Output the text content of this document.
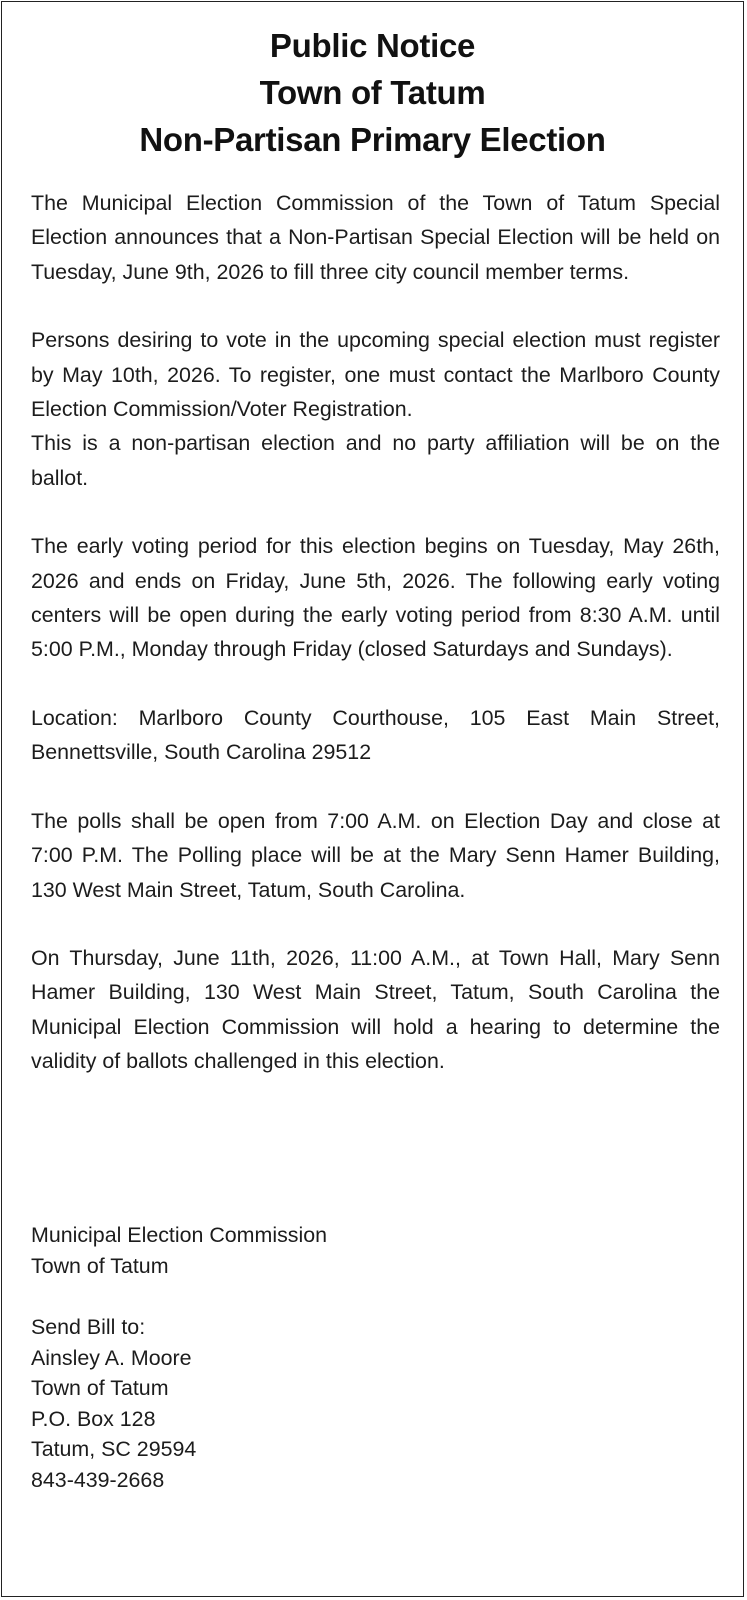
Public Notice
Town of Tatum
Non-Partisan Primary Election

The Municipal Election Commission of the Town of Tatum Special Election announces that a Non-Partisan Special Election will be held on Tuesday, June 9th, 2026 to fill three city council member terms.

Persons desiring to vote in the upcoming special election must register by May 10th, 2026. To register, one must contact the Marlboro County Election Commission/Voter Registration.

This is a non-partisan election and no party affiliation will be on the ballot.

The early voting period for this election begins on Tuesday, May 26th, 2026 and ends on Friday, June 5th, 2026. The following early voting centers will be open during the early voting period from 8:30 A.M. until 5:00 P.M., Monday through Friday (closed Saturdays and Sundays).

Location: Marlboro County Courthouse, 105 East Main Street, Bennettsville, South Carolina 29512

The polls shall be open from 7:00 A.M. on Election Day and close at 7:00 P.M. The Polling place will be at the Mary Senn Hamer Building, 130 West Main Street, Tatum, South Carolina.

On Thursday, June 11th, 2026, 11:00 A.M., at Town Hall, Mary Senn Hamer Building, 130 West Main Street, Tatum, South Carolina the Municipal Election Commission will hold a hearing to determine the validity of ballots challenged in this election.

Municipal Election Commission
Town of Tatum
Send Bill to:
Ainsley A. Moore
Town of Tatum
P.O. Box 128
Tatum, SC 29594
843-439-2668
